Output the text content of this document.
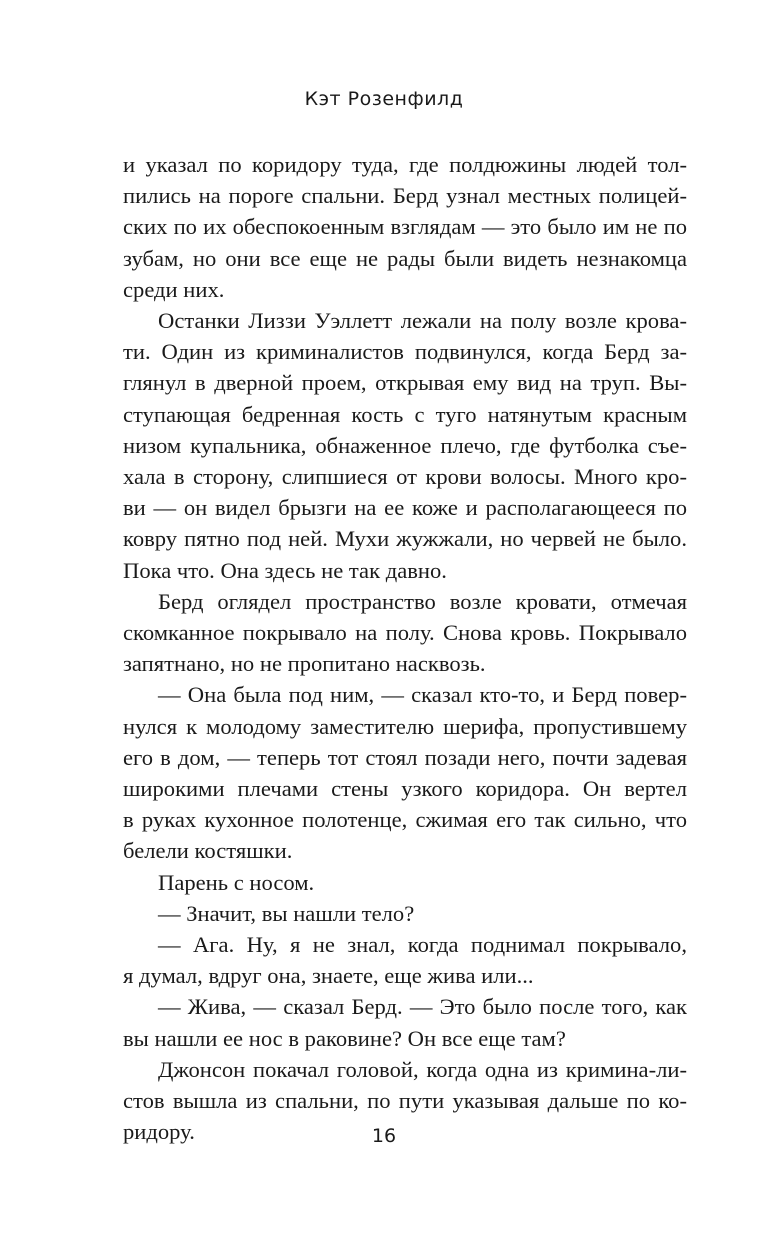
Кэт Розенфилд

и указал по коридору туда, где полдюжины людей тол-
пились на пороге спальни. Берд узнал местных полицей-
ских по их обеспокоенным взглядам — это было им не по
зубам, но они все еще не рады были видеть незнакомца
среди них.

Останки Лиззи Уэллетт лежали на полу возле крова-
ти. Один из криминалистов подвинулся, когда Берд за-
глянул в дверной проем, открывая ему вид на труп. Вы-
ступающая бедренная кость с туго натянутым красным
низом купальника, обнаженное плечо, где футболка съе-
хала в сторону, слипшиеся от крови волосы. Много кро-
ви — он видел брызги на ее коже и располагающееся по
ковру пятно под ней. Мухи жужжали, но червей не было.
Пока что. Она здесь не так давно.

Берд оглядел пространство возле кровати, отмечая
скомканное покрывало на полу. Снова кровь. Покрывало
запятнано, но не пропитано насквозь.

— Она была под ним, — сказал кто-то, и Берд повер-
нулся к молодому заместителю шерифа, пропустившему
его в дом, — теперь тот стоял позади него, почти задевая
широкими плечами стены узкого коридора. Он вертел
в руках кухонное полотенце, сжимая его так сильно, что
белели костяшки.

Парень с носом.

— Значит, вы нашли тело?

— Ага. Ну, я не знал, когда поднимал покрывало,
я думал, вдруг она, знаете, еще жива или...

— Жива, — сказал Берд. — Это было после того, как
вы нашли ее нос в раковине? Он все еще там?

Джонсон покачал головой, когда одна из кримина-ли-
стов вышла из спальни, по пути указывая дальше по ко-
ридору.	16
